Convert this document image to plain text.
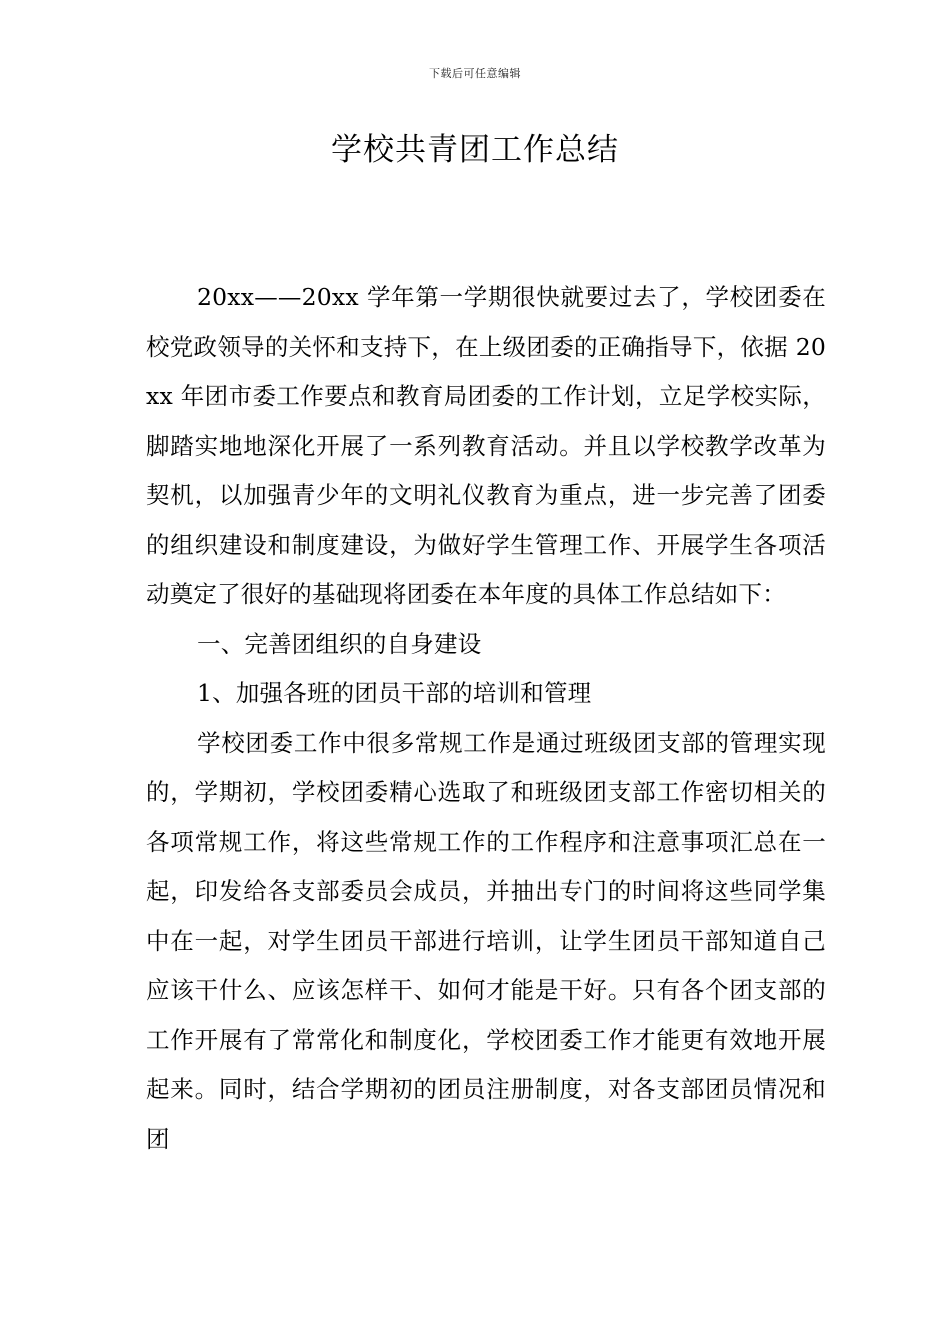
下载后可任意编辑
学校共青团工作总结

20xx——20xx 学年第一学期很快就要过去了，学校团委在校党政领导的关怀和支持下，在上级团委的正确指导下，依据 20xx 年团市委工作要点和教育局团委的工作计划，立足学校实际，脚踏实地地深化开展了一系列教育活动。并且以学校教学改革为契机，以加强青少年的文明礼仪教育为重点，进一步完善了团委的组织建设和制度建设，为做好学生管理工作、开展学生各项活动奠定了很好的基础现将团委在本年度的具体工作总结如下：

一、完善团组织的自身建设

1、加强各班的团员干部的培训和管理

学校团委工作中很多常规工作是通过班级团支部的管理实现的，学期初，学校团委精心选取了和班级团支部工作密切相关的各项常规工作，将这些常规工作的工作程序和注意事项汇总在一起，印发给各支部委员会成员，并抽出专门的时间将这些同学集中在一起，对学生团员干部进行培训，让学生团员干部知道自己应该干什么、应该怎样干、如何才能是干好。只有各个团支部的工作开展有了常常化和制度化，学校团委工作才能更有效地开展起来。同时，结合学期初的团员注册制度，对各支部团员情况和团
